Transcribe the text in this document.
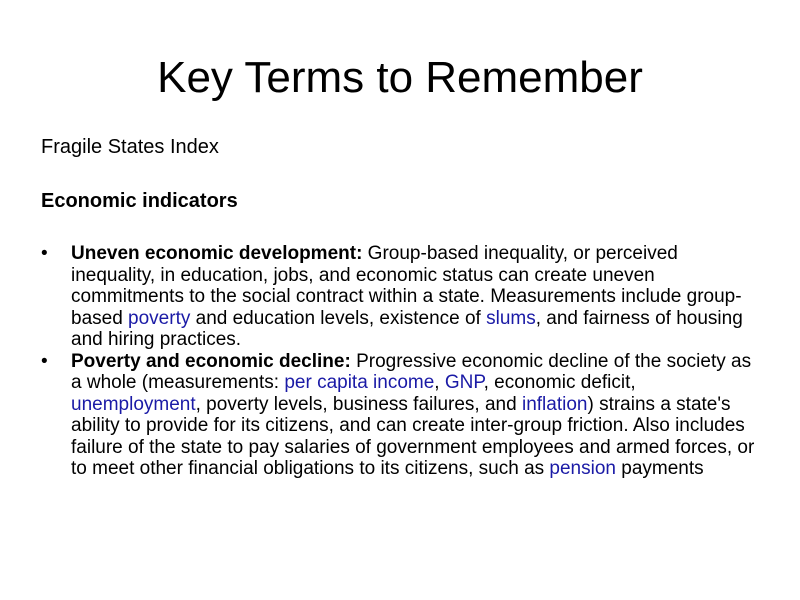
Key Terms to Remember
Fragile States Index
Economic indicators
• Uneven economic development: Group-based inequality, or perceived inequality, in education, jobs, and economic status can create uneven commitments to the social contract within a state. Measurements include group-based poverty and education levels, existence of slums, and fairness of housing and hiring practices.
• Poverty and economic decline: Progressive economic decline of the society as a whole (measurements: per capita income, GNP, economic deficit, unemployment, poverty levels, business failures, and inflation) strains a state's ability to provide for its citizens, and can create inter-group friction. Also includes failure of the state to pay salaries of government employees and armed forces, or to meet other financial obligations to its citizens, such as pension payments
